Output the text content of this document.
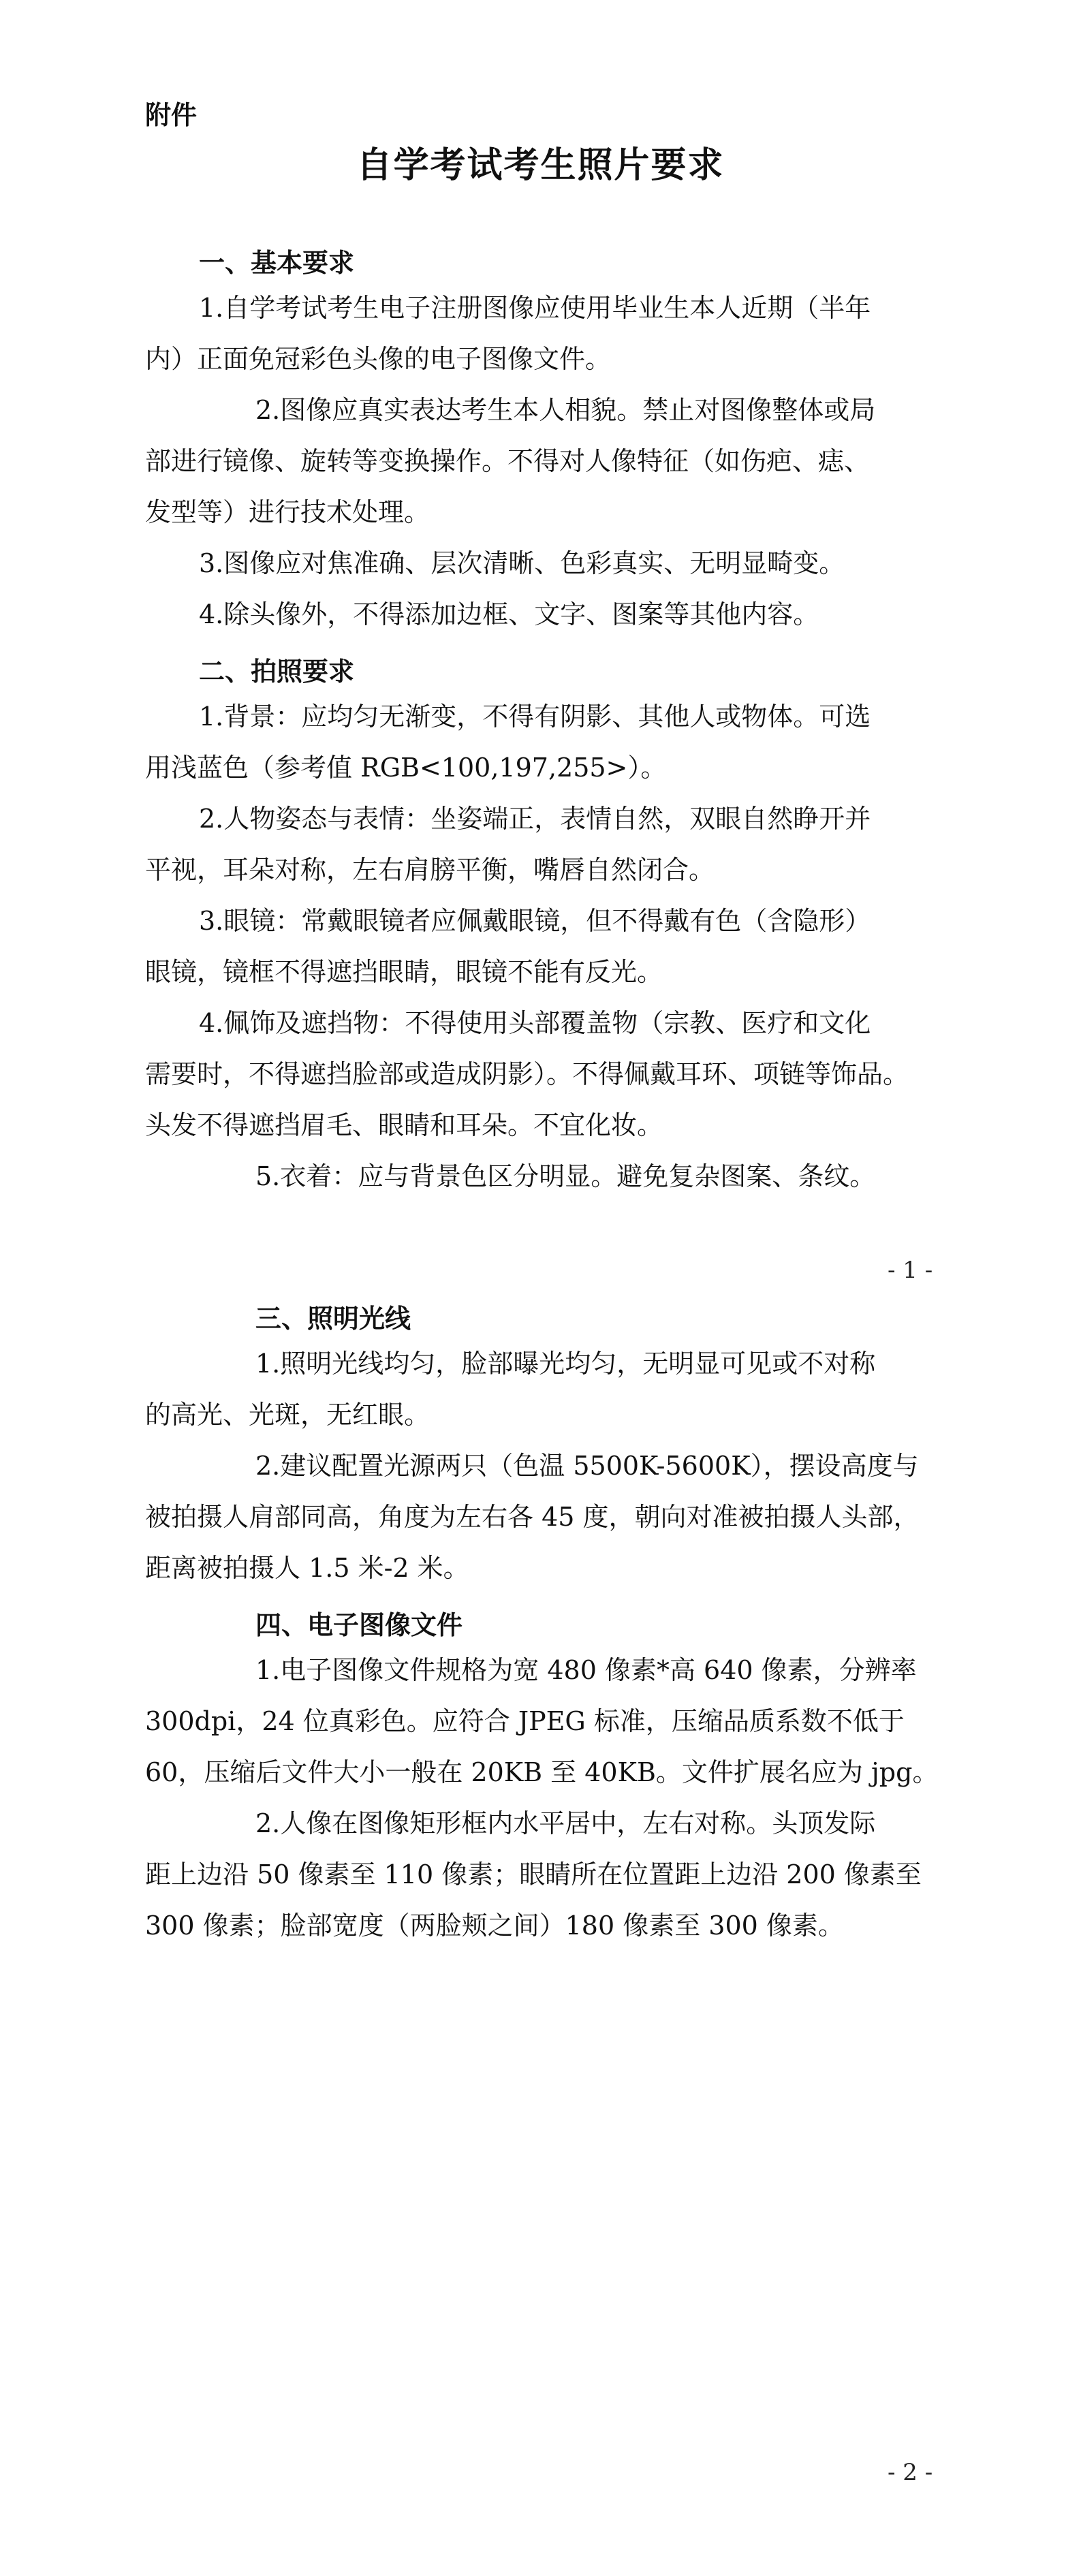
附件
自学考试考生照片要求
一、基本要求
1.自学考试考生电子注册图像应使用毕业生本人近期（半年
内）正面免冠彩色头像的电子图像文件。
2.图像应真实表达考生本人相貌。禁止对图像整体或局
部进行镜像、旋转等变换操作。不得对人像特征（如伤疤、痣、
发型等）进行技术处理。
3.图像应对焦准确、层次清晰、色彩真实、无明显畸变。
4.除头像外，不得添加边框、文字、图案等其他内容。
二、拍照要求
1.背景：应均匀无渐变，不得有阴影、其他人或物体。可选
用浅蓝色（参考值 RGB<100,197,255>）。
2.人物姿态与表情：坐姿端正，表情自然，双眼自然睁开并
平视，耳朵对称，左右肩膀平衡，嘴唇自然闭合。
3.眼镜：常戴眼镜者应佩戴眼镜，但不得戴有色（含隐形）
眼镜，镜框不得遮挡眼睛，眼镜不能有反光。
4.佩饰及遮挡物：不得使用头部覆盖物（宗教、医疗和文化
需要时，不得遮挡脸部或造成阴影）。不得佩戴耳环、项链等饰品。
头发不得遮挡眉毛、眼睛和耳朵。不宜化妆。
5.衣着：应与背景色区分明显。避免复杂图案、条纹。
- 1 -
三、照明光线
1.照明光线均匀，脸部曝光均匀，无明显可见或不对称
的高光、光斑，无红眼。
2.建议配置光源两只（色温 5500K-5600K），摆设高度与
被拍摄人肩部同高，角度为左右各 45 度，朝向对准被拍摄人头部，
距离被拍摄人 1.5 米-2 米。
四、电子图像文件
1.电子图像文件规格为宽 480 像素*高 640 像素，分辨率
300dpi，24 位真彩色。应符合 JPEG 标准，压缩品质系数不低于
60，压缩后文件大小一般在 20KB 至 40KB。文件扩展名应为 jpg。
2.人像在图像矩形框内水平居中，左右对称。头顶发际
距上边沿 50 像素至 110 像素；眼睛所在位置距上边沿 200 像素至
300 像素；脸部宽度（两脸颊之间）180 像素至 300 像素。
- 2 -
